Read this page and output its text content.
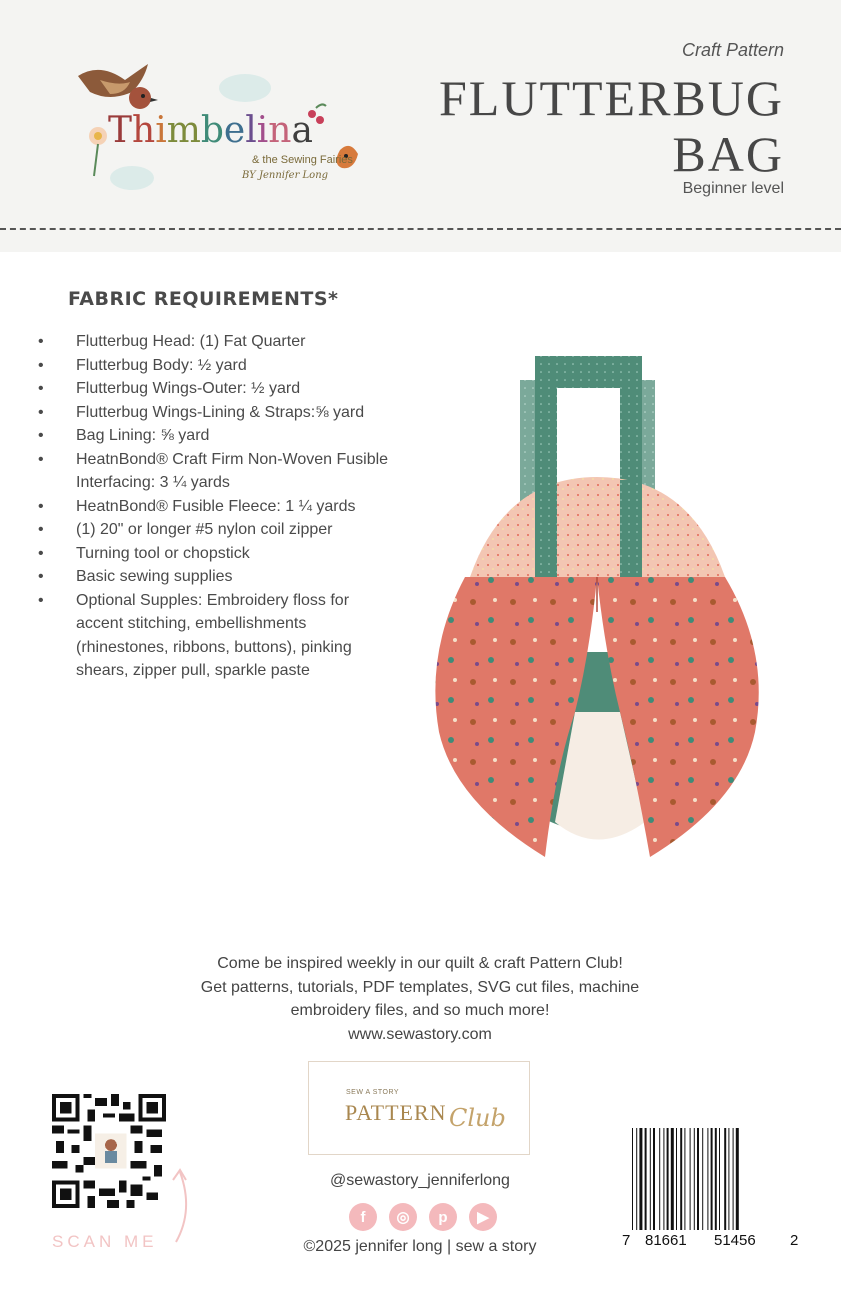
Thimbelina
& the Sewing Fairies
BY Jennifer Long
Craft Pattern
FLUTTERBUG
BAG
Beginner level
FABRIC REQUIREMENTS*
• Flutterbug Head: (1) Fat Quarter
• Flutterbug Body: ½ yard
• Flutterbug Wings-Outer: ½ yard
• Flutterbug Wings-Lining & Straps:⅝ yard
• Bag Lining: ⅝ yard
• HeatnBond® Craft Firm Non-Woven Fusible Interfacing: 3 ¼ yards
• HeatnBond® Fusible Fleece: 1 ¼ yards
• (1) 20" or longer #5 nylon coil zipper
• Turning tool or chopstick
• Basic sewing supplies
• Optional Supples: Embroidery floss for accent stitching, embellishments (rhinestones, ribbons, buttons), pinking shears, zipper pull, sparkle paste
Come be inspired weekly in our quilt & craft Pattern Club!
Get patterns, tutorials, PDF templates, SVG cut files, machine
embroidery files, and so much more!
www.sewastory.com
SEW A STORY
PATTERN Club
@sewastory_jenniferlong
f	◎	p	▶
©2025 jennifer long | sew a story
SCAN ME	7 81661 51456 2
